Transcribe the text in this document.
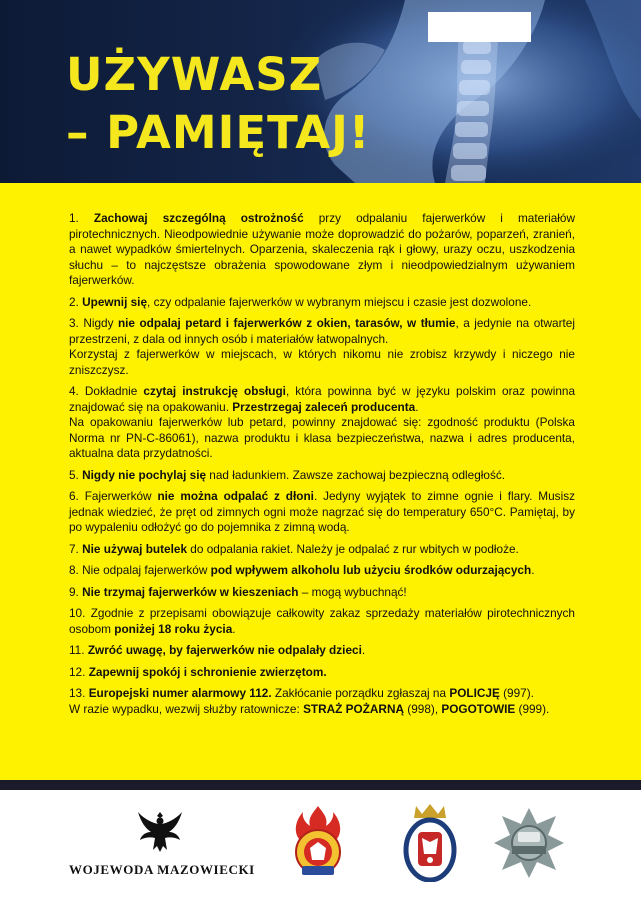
UŻYWASZ
– PAMIĘTAJ!
1. Zachowaj szczególną ostrożność przy odpalaniu fajerwerków i materiałów pirotechnicznych. Nieodpowiednie używanie może doprowadzić do pożarów, poparzeń, zranień, a nawet wypadków śmiertelnych. Oparzenia, skaleczenia rąk i głowy, urazy oczu, uszkodzenia słuchu – to najczęstsze obrażenia spowodowane złym i nieodpowiedzialnym używaniem fajerwerków.
2. Upewnij się, czy odpalanie fajerwerków w wybranym miejscu i czasie jest dozwolone.
3. Nigdy nie odpalaj petard i fajerwerków z okien, tarasów, w tłumie, a jedynie na otwartej przestrzeni, z dala od innych osób i materiałów łatwopalnych.
Korzystaj z fajerwerków w miejscach, w których nikomu nie zrobisz krzywdy i niczego nie zniszczysz.
4. Dokładnie czytaj instrukcję obsługi, która powinna być w języku polskim oraz powinna znajdować się na opakowaniu. Przestrzegaj zaleceń producenta.
Na opakowaniu fajerwerków lub petard, powinny znajdować się: zgodność produktu (Polska Norma nr PN-C-86061), nazwa produktu i klasa bezpieczeństwa, nazwa i adres producenta, aktualna data przydatności.
5. Nigdy nie pochylaj się nad ładunkiem. Zawsze zachowaj bezpieczną odległość.
6. Fajerwerków nie można odpalać z dłoni. Jedyny wyjątek to zimne ognie i flary. Musisz jednak wiedzieć, że pręt od zimnych ogni może nagrzać się do temperatury 650°C. Pamiętaj, by po wypaleniu odłożyć go do pojemnika z zimną wodą.
7. Nie używaj butelek do odpalania rakiet. Należy je odpalać z rur wbitych w podłoże.
8. Nie odpalaj fajerwerków pod wpływem alkoholu lub użyciu środków odurzających.
9. Nie trzymaj fajerwerków w kieszeniach – mogą wybuchnąć!
10. Zgodnie z przepisami obowiązuje całkowity zakaz sprzedaży materiałów pirotechnicznych osobom poniżej 18 roku życia.
11. Zwróć uwagę, by fajerwerków nie odpalały dzieci.
12. Zapewnij spokój i schronienie zwierzętom.
13. Europejski numer alarmowy 112. Zakłócanie porządku zgłaszaj na POLICJĘ (997).
W razie wypadku, wezwij służby ratownicze: STRAŻ POŻARNĄ (998), POGOTOWIE (999).
WOJEWODA MAZOWIECKI
